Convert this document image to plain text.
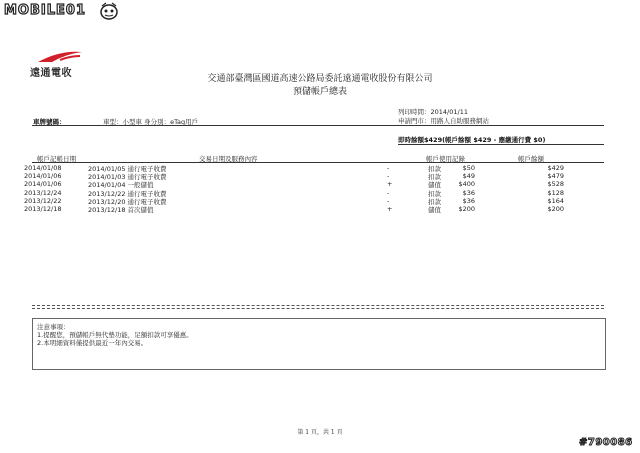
MOBILE01
遠通電收	交通部臺灣區國道高速公路局委託遠通電收股份有限公司
預儲帳戶總表
列印時間：2014/01/11
申請門市：用路人自助服務網站
車牌號碼：	車型：小型車 身分別：eTag用戶
即時餘額$429(帳戶餘額 $429 - 應繳通行費 $0)
帳戶記帳日期	交易日期及服務內容	帳戶使用記錄	帳戶餘額
2014/01/08	2014/01/05 通行電子收費	-	扣款	$50	$429
2014/01/06	2014/01/03 通行電子收費	-	扣款	$49	$479
2014/01/06	2014/01/04 一般儲值	+	儲值	$400	$528
2013/12/24	2013/12/22 通行電子收費	-	扣款	$36	$128
2013/12/22	2013/12/20 通行電子收費	-	扣款	$36	$164
2013/12/18	2013/12/18 首次儲值	+	儲值	$200	$200
注意事項：
1.提醒您，預儲帳戶無代墊功能，足額扣款可享優惠。
2.本明細資料僅提供最近一年內交易。
第 1 頁，共 1 頁
#790086
